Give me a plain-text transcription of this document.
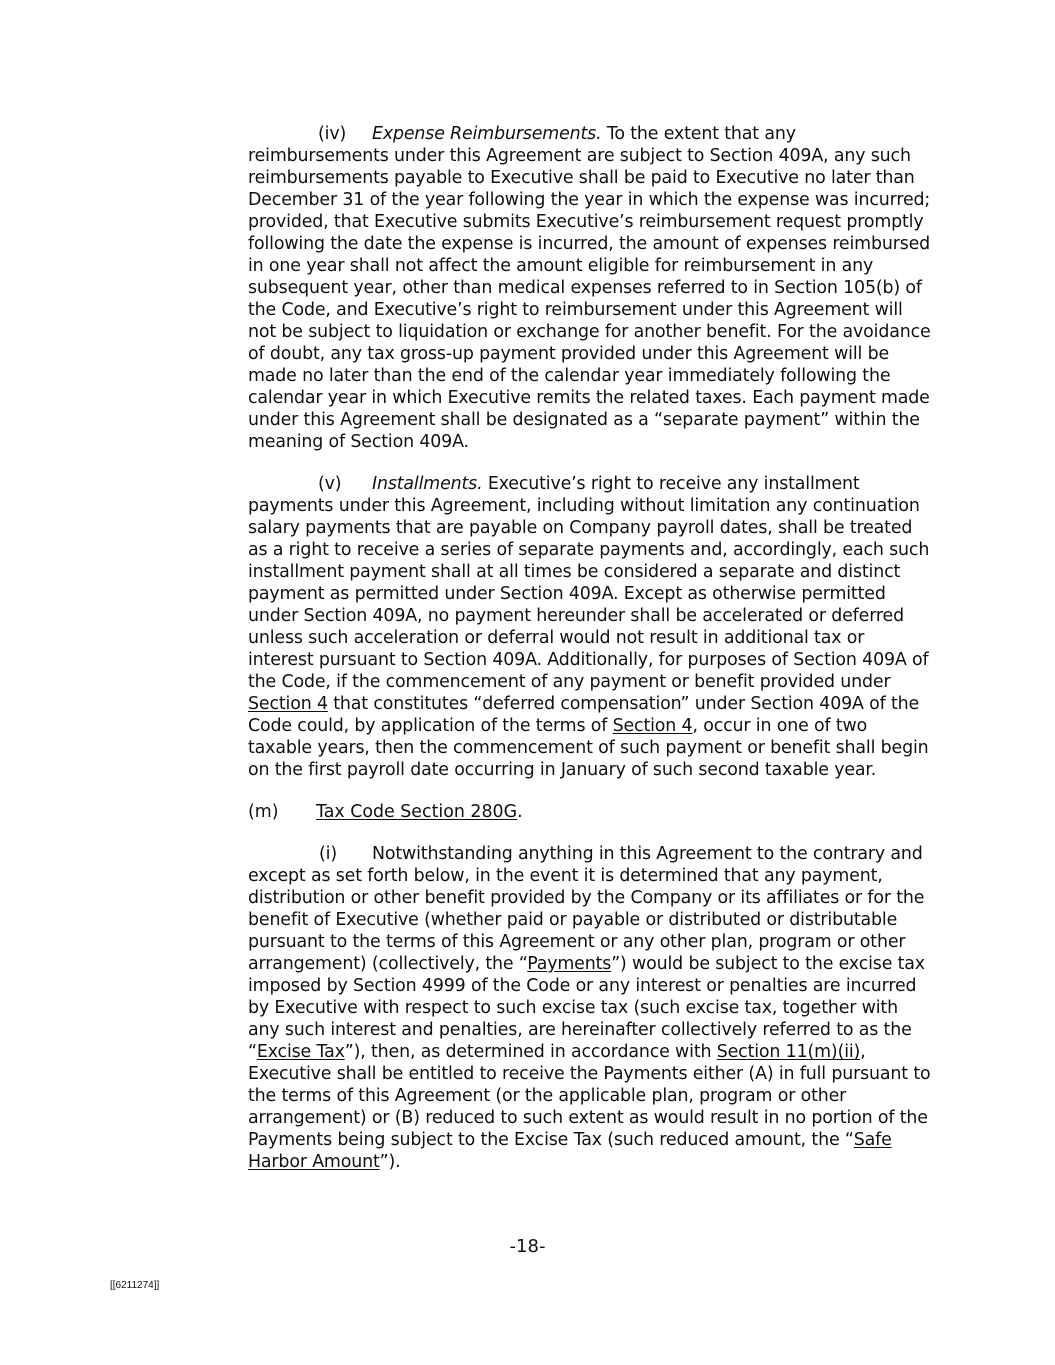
(iv) Expense Reimbursements. To the extent that any reimbursements under this Agreement are subject to Section 409A, any such reimbursements payable to Executive shall be paid to Executive no later than December 31 of the year following the year in which the expense was incurred; provided, that Executive submits Executive’s reimbursement request promptly following the date the expense is incurred, the amount of expenses reimbursed in one year shall not affect the amount eligible for reimbursement in any subsequent year, other than medical expenses referred to in Section 105(b) of the Code, and Executive’s right to reimbursement under this Agreement will not be subject to liquidation or exchange for another benefit. For the avoidance of doubt, any tax gross-up payment provided under this Agreement will be made no later than the end of the calendar year immediately following the calendar year in which Executive remits the related taxes. Each payment made under this Agreement shall be designated as a “separate payment” within the meaning of Section 409A.

(v) Installments. Executive’s right to receive any installment payments under this Agreement, including without limitation any continuation salary payments that are payable on Company payroll dates, shall be treated as a right to receive a series of separate payments and, accordingly, each such installment payment shall at all times be considered a separate and distinct payment as permitted under Section 409A. Except as otherwise permitted under Section 409A, no payment hereunder shall be accelerated or deferred unless such acceleration or deferral would not result in additional tax or interest pursuant to Section 409A. Additionally, for purposes of Section 409A of the Code, if the commencement of any payment or benefit provided under Section 4 that constitutes “deferred compensation” under Section 409A of the Code could, by application of the terms of Section 4, occur in one of two taxable years, then the commencement of such payment or benefit shall begin on the first payroll date occurring in January of such second taxable year.

(m) Tax Code Section 280G.

(i) Notwithstanding anything in this Agreement to the contrary and except as set forth below, in the event it is determined that any payment, distribution or other benefit provided by the Company or its affiliates or for the benefit of Executive (whether paid or payable or distributed or distributable pursuant to the terms of this Agreement or any other plan, program or other arrangement) (collectively, the “Payments”) would be subject to the excise tax imposed by Section 4999 of the Code or any interest or penalties are incurred by Executive with respect to such excise tax (such excise tax, together with any such interest and penalties, are hereinafter collectively referred to as the “Excise Tax”), then, as determined in accordance with Section 11(m)(ii), Executive shall be entitled to receive the Payments either (A) in full pursuant to the terms of this Agreement (or the applicable plan, program or other arrangement) or (B) reduced to such extent as would result in no portion of the Payments being subject to the Excise Tax (such reduced amount, the “Safe Harbor Amount”).

-18-
[[6211274]]
